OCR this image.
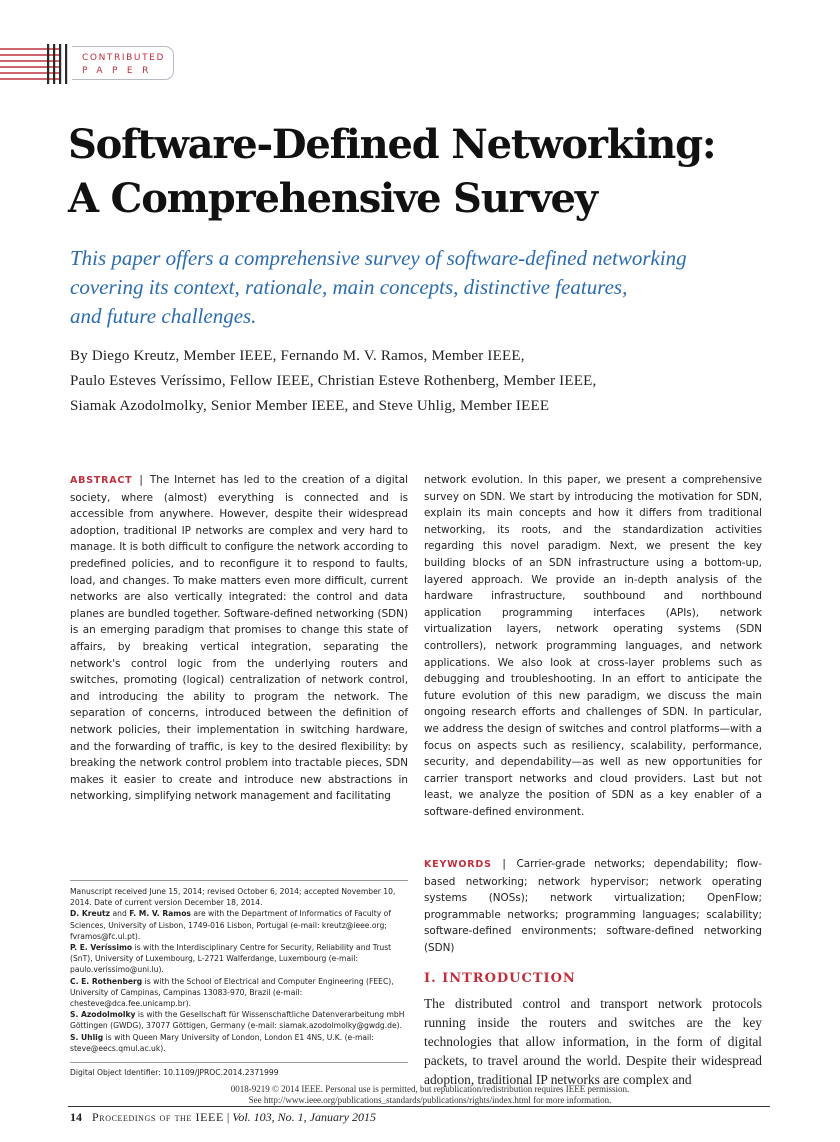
CONTRIBUTED
PAPER
Software-Defined Networking:
A Comprehensive Survey
This paper offers a comprehensive survey of software-defined networking
covering its context, rationale, main concepts, distinctive features,
and future challenges.
By Diego Kreutz, Member IEEE, Fernando M. V. Ramos, Member IEEE,
Paulo Esteves Veríssimo, Fellow IEEE, Christian Esteve Rothenberg, Member IEEE,
Siamak Azodolmolky, Senior Member IEEE, and Steve Uhlig, Member IEEE

ABSTRACT | The Internet has led to the creation of a digital society, where (almost) everything is connected and is accessible from anywhere. However, despite their widespread adoption, traditional IP networks are complex and very hard to manage. It is both difficult to configure the network according to predefined policies, and to reconfigure it to respond to faults, load, and changes. To make matters even more difficult, current networks are also vertically integrated: the control and data planes are bundled together. Software-defined networking (SDN) is an emerging paradigm that promises to change this state of affairs, by breaking vertical integration, separating the network's control logic from the underlying routers and switches, promoting (logical) centralization of network control, and introducing the ability to program the network. The separation of concerns, introduced between the definition of network policies, their implementation in switching hardware, and the forwarding of traffic, is key to the desired flexibility: by breaking the network control problem into tractable pieces, SDN makes it easier to create and introduce new abstractions in networking, simplifying network management and facilitating

network evolution. In this paper, we present a comprehensive survey on SDN. We start by introducing the motivation for SDN, explain its main concepts and how it differs from traditional networking, its roots, and the standardization activities regarding this novel paradigm. Next, we present the key building blocks of an SDN infrastructure using a bottom-up, layered approach. We provide an in-depth analysis of the hardware infrastructure, southbound and northbound application programming interfaces (APIs), network virtualization layers, network operating systems (SDN controllers), network programming languages, and network applications. We also look at cross-layer problems such as debugging and troubleshooting. In an effort to anticipate the future evolution of this new paradigm, we discuss the main ongoing research efforts and challenges of SDN. In particular, we address the design of switches and control platforms—with a focus on aspects such as resiliency, scalability, performance, security, and dependability—as well as new opportunities for carrier transport networks and cloud providers. Last but not least, we analyze the position of SDN as a key enabler of a software-defined environment.

KEYWORDS | Carrier-grade networks; dependability; flow-based networking; network hypervisor; network operating systems (NOSs); network virtualization; OpenFlow; programmable networks; programming languages; scalability; software-defined environments; software-defined networking (SDN)

Manuscript received June 15, 2014; revised October 6, 2014; accepted November 10, 2014. Date of current version December 18, 2014.

D. Kreutz and F. M. V. Ramos are with the Department of Informatics of Faculty of Sciences, University of Lisbon, 1749-016 Lisbon, Portugal (e-mail: kreutz@ieee.org; fvramos@fc.ul.pt).

P. E. Veríssimo is with the Interdisciplinary Centre for Security, Reliability and Trust (SnT), University of Luxembourg, L-2721 Walferdange, Luxembourg (e-mail: paulo.verissimo@uni.lu).

C. E. Rothenberg is with the School of Electrical and Computer Engineering (FEEC), University of Campinas, Campinas 13083-970, Brazil (e-mail: chesteve@dca.fee.unicamp.br).

S. Azodolmolky is with the Gesellschaft für Wissenschaftliche Datenverarbeitung mbH Göttingen (GWDG), 37077 Göttigen, Germany (e-mail: siamak.azodolmolky@gwdg.de).

S. Uhlig is with Queen Mary University of London, London E1 4NS, U.K. (e-mail: steve@eecs.qmul.ac.uk).

Digital Object Identifier: 10.1109/JPROC.2014.2371999
I. INTRODUCTION

The distributed control and transport network protocols running inside the routers and switches are the key technologies that allow information, in the form of digital packets, to travel around the world. Despite their widespread adoption, traditional IP networks are complex and

0018-9219 © 2014 IEEE. Personal use is permitted, but republication/redistribution requires IEEE permission.
See http://www.ieee.org/publications_standards/publications/rights/index.html for more information.
14 Proceedings of the IEEE | Vol. 103, No. 1, January 2015
